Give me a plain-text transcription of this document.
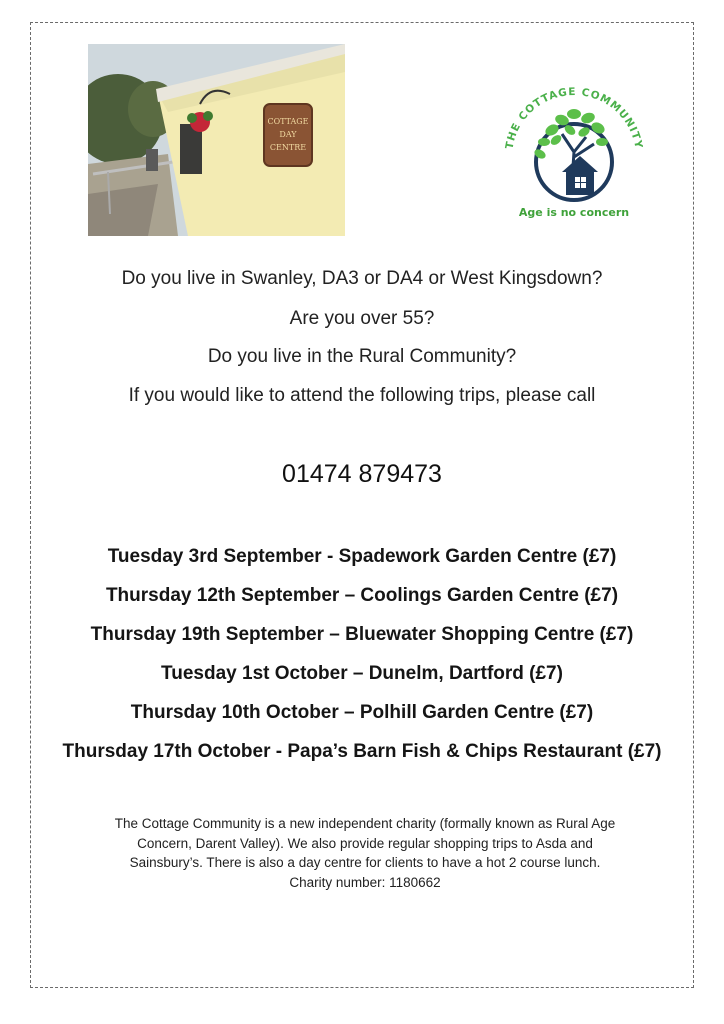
COTTAGE
DAY
CENTRE	THE COTTAGE COMMUNITY
Age is no concern
Do you live in Swanley, DA3 or DA4 or West Kingsdown?
Are you over 55?
Do you live in the Rural Community?
If you would like to attend the following trips, please call
01474 879473
Tuesday 3rd September - Spadework Garden Centre (£7)
Thursday 12th September – Coolings Garden Centre (£7)
Thursday 19th September – Bluewater Shopping Centre (£7)
Tuesday 1st October – Dunelm, Dartford (£7)
Thursday 10th October – Polhill Garden Centre (£7)
Thursday 17th October - Papa’s Barn Fish & Chips Restaurant (£7)

The Cottage Community is a new independent charity (formally known as Rural Age

Concern, Darent Valley). We also provide regular shopping trips to Asda and

Sainsbury’s. There is also a day centre for clients to have a hot 2 course lunch.

Charity number: 1180662
